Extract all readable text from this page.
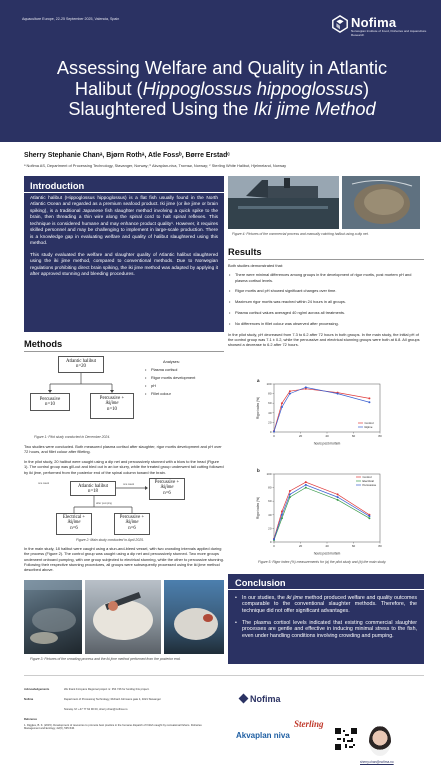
Aquaculture Europe, 22-25 September 2025, Valencia, Spain	Nofima
Norwegian Institute of Food, Fisheries and Aquaculture Research
Assessing Welfare and Quality in Atlantic
Halibut (Hippoglossus hippoglossus)
Slaughtered Using the Iki jime Method
Sherry Stephanie Chanᵃ, Bjørn Rothᵃ, Atle Fossᵇ, Børre Erstadᶜ
ᵃ Nofima AS, Department of Processing Technology, Stavanger, Norway; ᵇ Akvaplan-niva, Tromsø, Norway; ᶜ Sterling White Halibut, Hjelmeland, Norway
Introduction

Atlantic halibut (Hippoglossus hippoglossus) is a flat fish usually found in the North Atlantic Ocean and regarded as a premium seafood product. Iki jime (or ike jime or brain spiking), is a traditional Japanese fish slaughter method involving a quick spike to the brain, then threading a thin wire along the spinal cord to halt spinal reflexes. This technique is considered humane and may enhance product quality¹. However, it requires skilled personnel and may be challenging to implement in large-scale production. There is a knowledge gap in evaluating welfare and quality of halibut slaughtered using this method.

This study evaluated the welfare and slaughter quality of Atlantic halibut slaughtered using the iki jime method, compared to conventional methods. Due to Norwegian regulations prohibiting direct brain spiking, the iki jime method was adapted by applying it after approved stunning and bleeding procedures.

Methods
Atlantic halibut
n=20
Percussive
n=10
Percussive +
ikijime
n=10
Figure 1: Pilot study conducted in December 2024.
Analyses:
• Plasma cortisol
• Rigor mortis development
• pH
• Fillet colour
Two studies were conducted. Both measured plasma cortisol after slaughter, rigor mortis development and pH over 72 hours, and fillet colour after filleting.
In the pilot study, 20 halibut were caught using a dip net and percussively stunned with a blow to the head (Figure 1). The control group was gill-cut and bled out in an ice slurry, while the treated group underwent tail cutting followed by iki jime, performed from the posterior end of the spinal column toward the brain.
Atlantic halibut
n=18
one week	Percussive +
ikijime
n=6
after pumping
Electrical +
ikijime
n=6
Percussive +
ikijime
n=6
one week
Figure 2: Main study conducted in April 2025.
In the main study, 18 halibut were caught using a stun-and-bleed vessel, with two crowding intervals applied during the process (Figure 2). The control group was caught using a dip net and percussively stunned. Two more groups underwent onboard pumping, with one group subjected to electrical stunning, while the other to percussive stunning. Following their respective stunning procedures, all groups were subsequently processed using the iki jime method described above.
Figure 3: Pictures of the crowding process and the iki jime method performed from the posterior end.
Figure 4: Pictures of the commercial process and manually catching halibut using a dip net.
Results

Both studies demonstrated that:

• There were minimal differences among groups in the development of rigor mortis, post mortem pH and plasma cortisol levels.
• Rigor mortis and pH showed significant changes over time.
• Maximum rigor mortis was reached within 24 hours in all groups.
• Plasma cortisol values averaged 40 ng/ml across all treatments.
• No differences in fillet colour was observed after processing.

In the pilot study, pH decreased from 7.3 to 6.2 after 72 hours in both groups. In the main study, the initial pH of the control group was 7.1 ± 0.2, while the percussive and electrical stunning groups were both at 6.8. All groups showed a decrease to 6.2 after 72 hours.

a
0	20	40	60	80
0
20
40
60
80
100
hours post mortem
Rigor index (%)
Control
Ikijime
b
0	20	40	60	80
0
20
40
60
80
100
hours post mortem
Rigor index (%)
Control
Electrical
Percussive
Figure 5: Rigor index (%) measurements for (a) the pilot study and (b) the main study.
Conclusion
• In our studies, the iki jime method produced welfare and quality outcomes comparable to the conventional slaughter methods. Therefore, the technique did not offer significant advantages.
• The plasma cortisol levels indicated that existing commercial slaughter processes are gentle and effective in inducing minimal stress to the fish, even under handling conditions involving crowding and pumping.
Acknowledgements	We thank Forsyans Regional project nr. 354 746 for funding this project.
Nofima	Department of Processing Technology, Richard Johnsens gate 4, 4021 Stavanger
Norway. M: +47 77 62 90 00, sherry.chan@nofima.no
Reference
1. Diggles, B. K. (2015). Development of resources to promote best practice in the humane dispatch of finfish caught by recreational fishers. Fisheries Management and Ecology, 22(6), 535-546.
Nofima
Sterling
Akvaplan niva
sherry.chan@nofima.no
